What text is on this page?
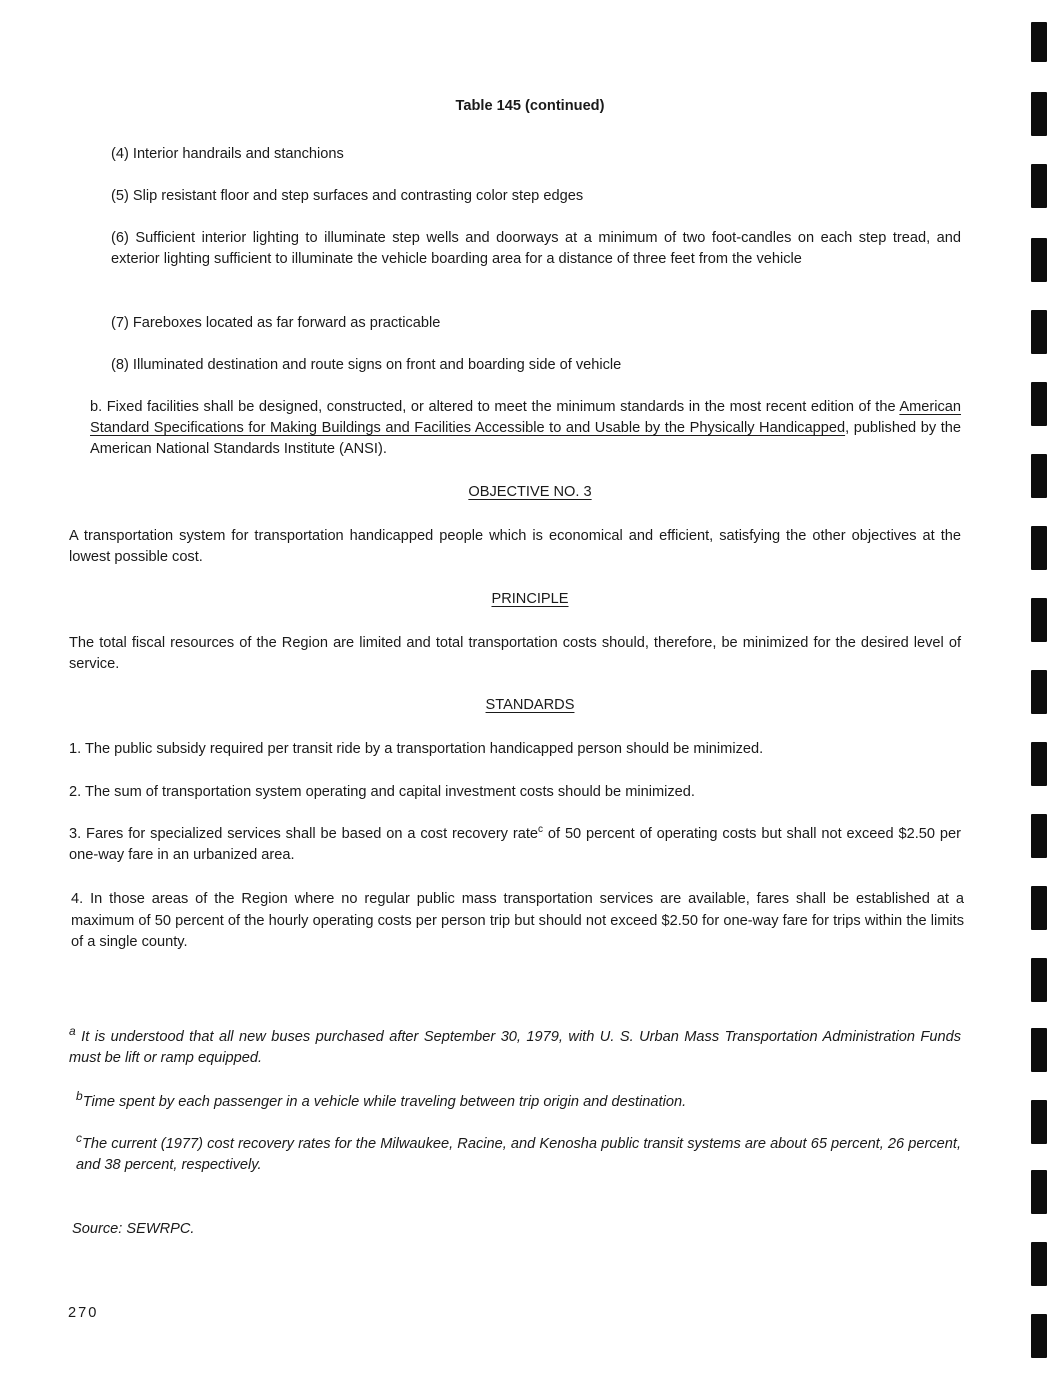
Table 145 (continued)
(4) Interior handrails and stanchions
(5) Slip resistant floor and step surfaces and contrasting color step edges
(6) Sufficient interior lighting to illuminate step wells and doorways at a minimum of two foot-candles on each step tread, and exterior lighting sufficient to illuminate the vehicle boarding area for a distance of three feet from the vehicle
(7) Fareboxes located as far forward as practicable
(8) Illuminated destination and route signs on front and boarding side of vehicle
b. Fixed facilities shall be designed, constructed, or altered to meet the minimum standards in the most recent edition of the American Standard Specifications for Making Buildings and Facilities Accessible to and Usable by the Physically Handicapped, published by the American National Standards Institute (ANSI).
OBJECTIVE NO. 3
A transportation system for transportation handicapped people which is economical and efficient, satisfying the other objectives at the lowest possible cost.
PRINCIPLE
The total fiscal resources of the Region are limited and total transportation costs should, therefore, be minimized for the desired level of service.
STANDARDS
1. The public subsidy required per transit ride by a transportation handicapped person should be minimized.
2. The sum of transportation system operating and capital investment costs should be minimized.
3. Fares for specialized services shall be based on a cost recovery rate$^c$ of 50 percent of operating costs but shall not exceed $2.50 per one-way fare in an urbanized area.
4. In those areas of the Region where no regular public mass transportation services are available, fares shall be established at a maximum of 50 percent of the hourly operating costs per person trip but should not exceed $2.50 for one-way fare for trips within the limits of a single county.
$^a$ It is understood that all new buses purchased after September 30, 1979, with U. S. Urban Mass Transportation Administration Funds must be lift or ramp equipped.
$^b$Time spent by each passenger in a vehicle while traveling between trip origin and destination.
$^c$The current (1977) cost recovery rates for the Milwaukee, Racine, and Kenosha public transit systems are about 65 percent, 26 percent, and 38 percent, respectively.
Source: SEWRPC.
270
